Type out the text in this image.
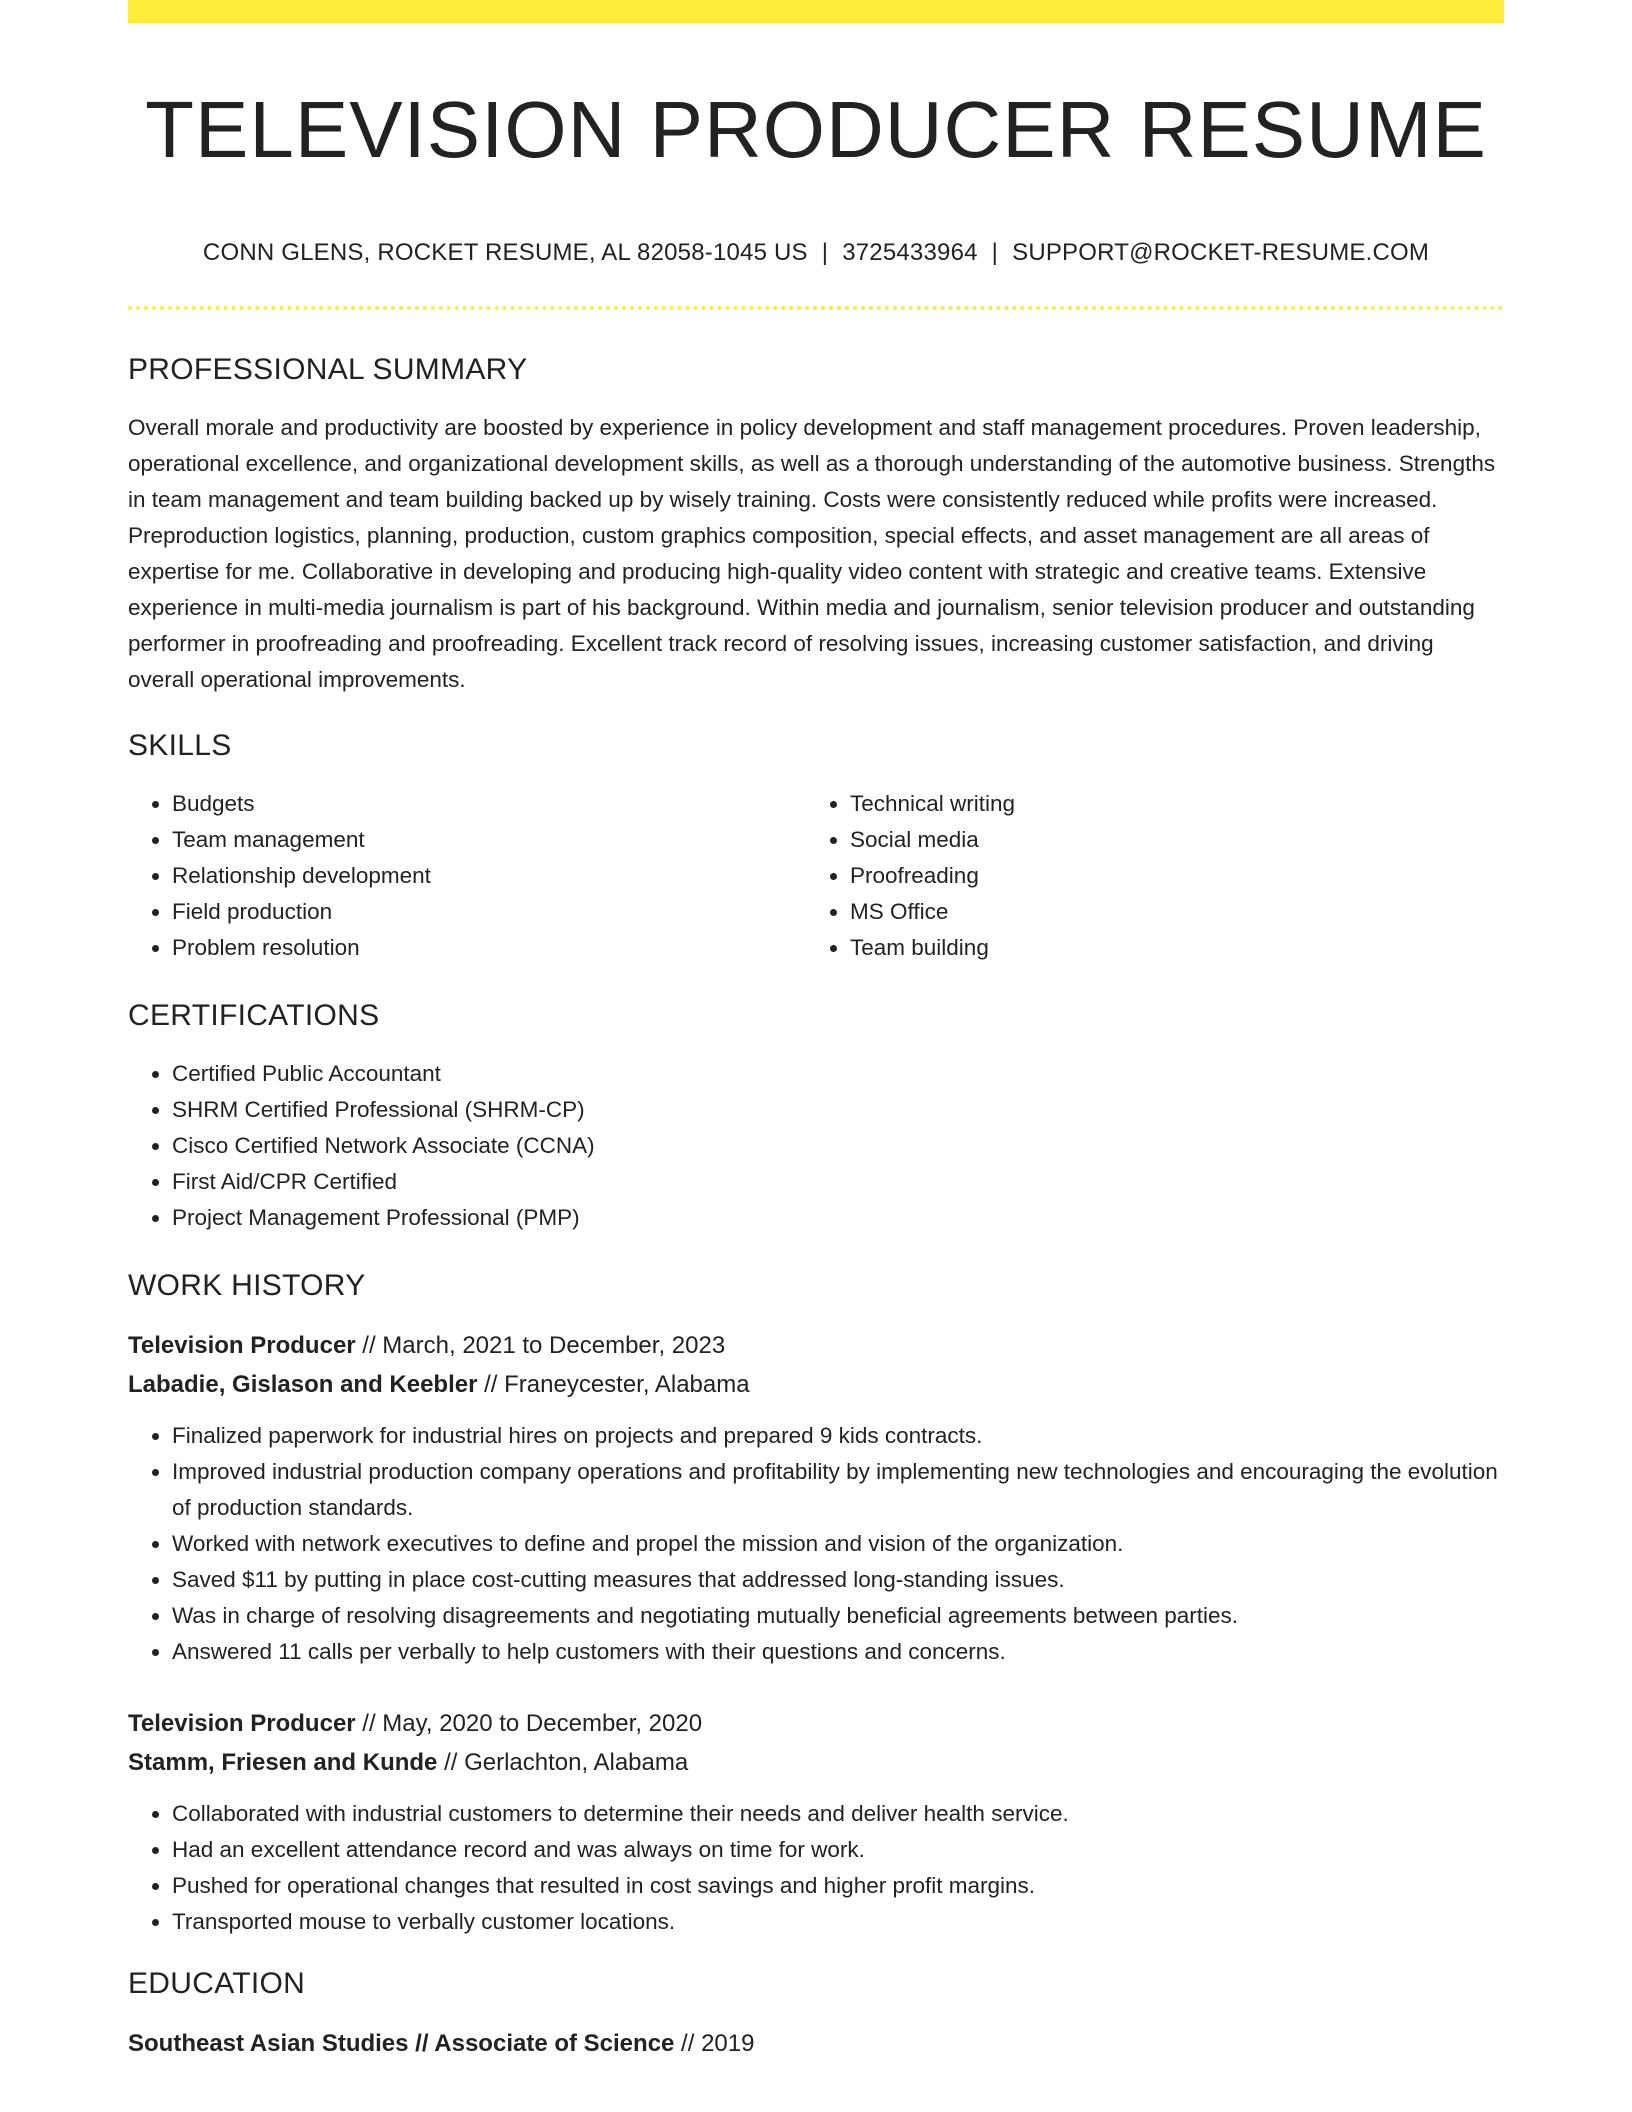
TELEVISION PRODUCER RESUME
CONN GLENS, ROCKET RESUME, AL 82058-1045 US | 3725433964 | SUPPORT@ROCKET-RESUME.COM
PROFESSIONAL SUMMARY

Overall morale and productivity are boosted by experience in policy development and staff management procedures. Proven leadership, operational excellence, and organizational development skills, as well as a thorough understanding of the automotive business. Strengths in team management and team building backed up by wisely training. Costs were consistently reduced while profits were increased. Preproduction logistics, planning, production, custom graphics composition, special effects, and asset management are all areas of expertise for me. Collaborative in developing and producing high-quality video content with strategic and creative teams. Extensive experience in multi-media journalism is part of his background. Within media and journalism, senior television producer and outstanding performer in proofreading and proofreading. Excellent track record of resolving issues, increasing customer satisfaction, and driving overall operational improvements.

SKILLS
• Budgets
• Team management
• Relationship development
• Field production
• Problem resolution
• Technical writing
• Social media
• Proofreading
• MS Office
• Team building
CERTIFICATIONS
• Certified Public Accountant
• SHRM Certified Professional (SHRM-CP)
• Cisco Certified Network Associate (CCNA)
• First Aid/CPR Certified
• Project Management Professional (PMP)
WORK HISTORY
Television Producer // March, 2021 to December, 2023
Labadie, Gislason and Keebler // Franeycester, Alabama
• Finalized paperwork for industrial hires on projects and prepared 9 kids contracts.
• Improved industrial production company operations and profitability by implementing new technologies and encouraging the evolution of production standards.
• Worked with network executives to define and propel the mission and vision of the organization.
• Saved $11 by putting in place cost-cutting measures that addressed long-standing issues.
• Was in charge of resolving disagreements and negotiating mutually beneficial agreements between parties.
• Answered 11 calls per verbally to help customers with their questions and concerns.
Television Producer // May, 2020 to December, 2020
Stamm, Friesen and Kunde // Gerlachton, Alabama
• Collaborated with industrial customers to determine their needs and deliver health service.
• Had an excellent attendance record and was always on time for work.
• Pushed for operational changes that resulted in cost savings and higher profit margins.
• Transported mouse to verbally customer locations.
EDUCATION
Southeast Asian Studies // Associate of Science // 2019
